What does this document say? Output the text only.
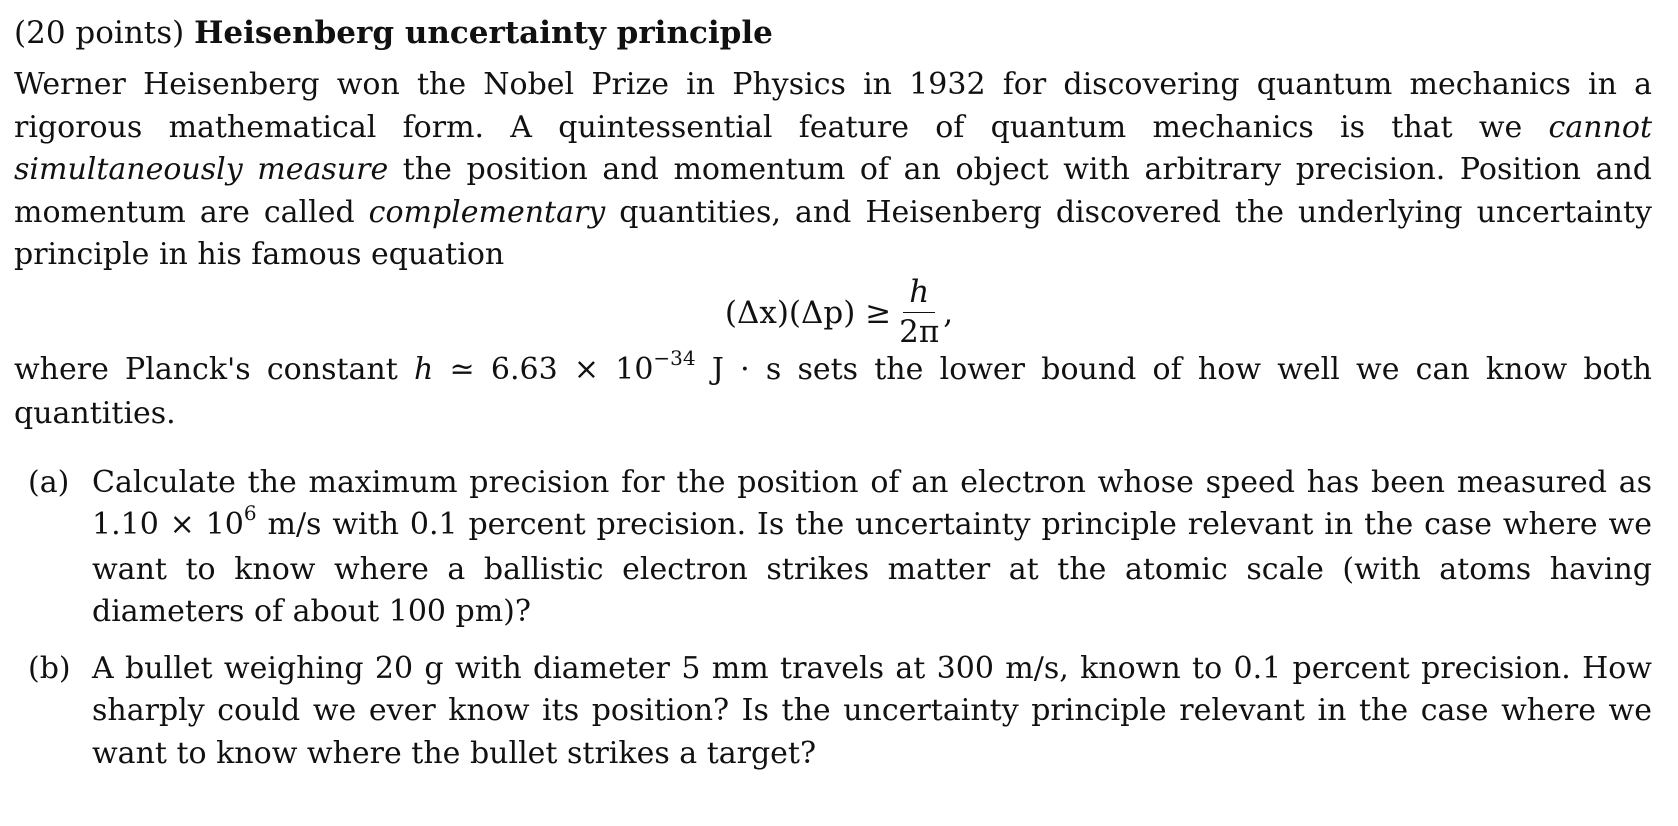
(20 points) Heisenberg uncertainty principle

Werner Heisenberg won the Nobel Prize in Physics in 1932 for discovering quantum mechanics in a rigorous mathematical form. A quintessential feature of quantum mechanics is that we cannot simultaneously measure the position and momentum of an object with arbitrary precision. Position and momentum are called complementary quantities, and Heisenberg discovered the underlying uncertainty principle in his famous equation

$(\Delta x)(\Delta p) \ge \frac{h}{2\pi}$ ,

where Planck's constant h ≃ $6.63 \times 10^{-34}$ J · s sets the lower bound of how well we can know both quantities.

(a) Calculate the maximum precision for the position of an electron whose speed has been measured as $1.10 \times 10^6$ m/s with 0.1 percent precision. Is the uncertainty principle relevant in the case where we want to know where a ballistic electron strikes matter at the atomic scale (with atoms having diameters of about 100 pm)?
(b) A bullet weighing 20 g with diameter 5 mm travels at 300 m/s, known to 0.1 percent precision. How sharply could we ever know its position? Is the uncertainty principle relevant in the case where we want to know where the bullet strikes a target?
